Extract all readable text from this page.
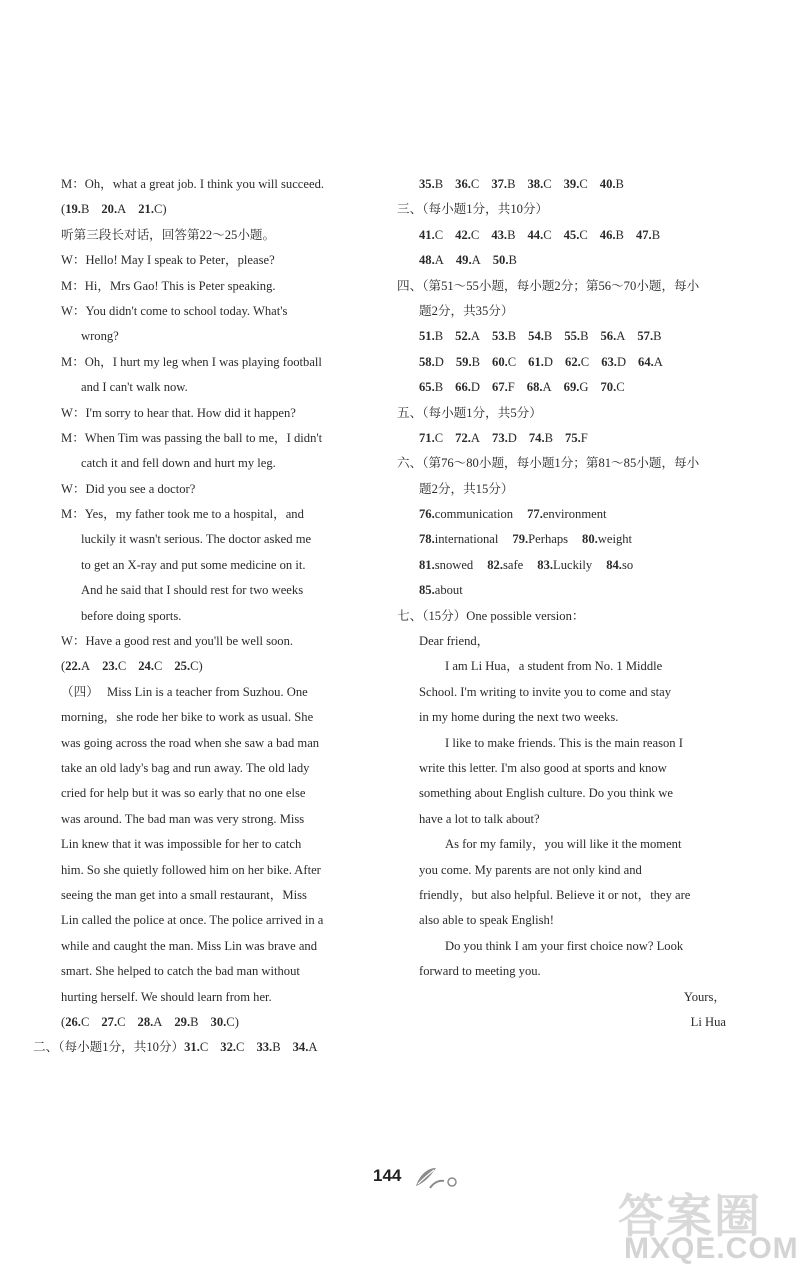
M：Oh，what a great job. I think you will succeed.
( 19.B 20.A 21.C )
听第三段长对话，回答第22～25小题。
W：Hello! May I speak to Peter，please?
M：Hi，Mrs Gao! This is Peter speaking.
W：You didn't come to school today. What's
wrong?
M：Oh，I hurt my leg when I was playing football
and I can't walk now.
W：I'm sorry to hear that. How did it happen?
M：When Tim was passing the ball to me，I didn't
catch it and fell down and hurt my leg.
W：Did you see a doctor?
M：Yes，my father took me to a hospital，and
luckily it wasn't serious. The doctor asked me
to get an X-ray and put some medicine on it.
And he said that I should rest for two weeks
before doing sports.
W：Have a good rest and you'll be well soon.
( 22.A 23.C 24.C 25.C )
（四） Miss Lin is a teacher from Suzhou. One
morning，she rode her bike to work as usual. She
was going across the road when she saw a bad man
take an old lady's bag and run away. The old lady
cried for help but it was so early that no one else
was around. The bad man was very strong. Miss
Lin knew that it was impossible for her to catch
him. So she quietly followed him on her bike. After
seeing the man get into a small restaurant，Miss
Lin called the police at once. The police arrived in a
while and caught the man. Miss Lin was brave and
smart. She helped to catch the bad man without
hurting herself. We should learn from her.
( 26.C 27.C 28.A 29.B 30.C )
二、（每小题1分，共10分） 31.C 32.C 33.B 34.A
35.B 36.C 37.B 38.C 39.C 40.B
三、（每小题1分，共10分）
41.C 42.C 43.B 44.C 45.C 46.B 47.B
48.A 49.A 50.B
四、（第51～55小题，每小题2分；第56～70小题，每小
题2分，共35分）
51.B 52.A 53.B 54.B 55.B 56.A 57.B
58.D 59.B 60.C 61.D 62.C 63.D 64.A
65.B 66.D 67.F 68.A 69.G 70.C
五、（每小题1分，共5分）
71.C 72.A 73.D 74.B 75.F
六、（第76～80小题，每小题1分；第81～85小题，每小
题2分，共15分）
76.communication 77.environment
78.international 79.Perhaps 80.weight
81.snowed 82.safe 83.Luckily 84.so
85.about
七、（15分）One possible version：
Dear friend，
I am Li Hua，a student from No. 1 Middle
School. I'm writing to invite you to come and stay
in my home during the next two weeks.
I like to make friends. This is the main reason I
write this letter. I'm also good at sports and know
something about English culture. Do you think we
have a lot to talk about?
As for my family，you will like it the moment
you come. My parents are not only kind and
friendly，but also helpful. Believe it or not，they are
also able to speak English!
Do you think I am your first choice now? Look
forward to meeting you.
Yours，
Li Hua
144
答案圈
MXQE.COM
